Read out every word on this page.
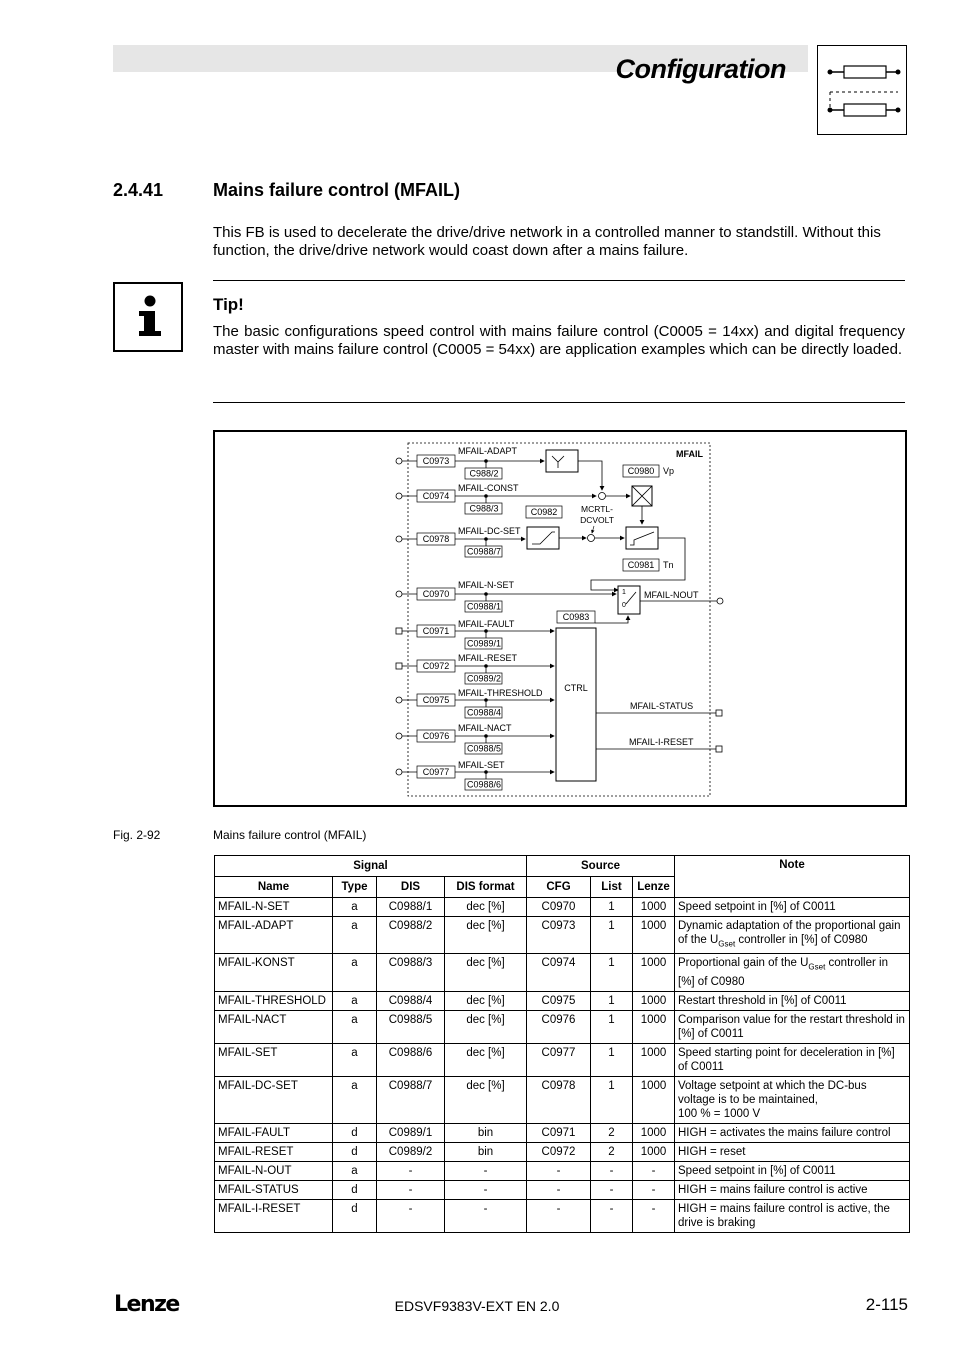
Configuration
2.4.41	Mains failure control (MFAIL)
This FB is used to decelerate the drive/drive network in a controlled manner to standstill. Without this function, the drive/drive network would coast down after a mains failure.
Tip!
The basic configurations speed control with mains failure control (C0005 = 14xx) and digital frequency master with mains failure control (C0005 = 54xx) are application examples which can be directly loaded.
MFAIL
C0973
MFAIL-ADAPT
C988/2
C0974
MFAIL-CONST
C988/3
C0978
MFAIL-DC-SET
C0988/7
C0970
MFAIL-N-SET
C0988/1
C0971
MFAIL-FAULT
C0989/1
C0972
MFAIL-RESET
C0989/2
C0975
MFAIL-THRESHOLD
C0988/4
C0976
MFAIL-NACT
C0988/5
C0977
MFAIL-SET
C0988/6
C0980 Vp
C0982	MCRTL-
DCVOLT
C0981 Tn
1
0
MFAIL-NOUT
C0983
CTRL
MFAIL-STATUS
MFAIL-I-RESET
Fig. 2-92	Mains failure control (MFAIL)
Signal				Source			Note
Name	Type	DIS	DIS format	CFG	List	Lenze	
MFAIL-N-SET	a	C0988/1	dec [%]	C0970	1	1000	Speed setpoint in [%] of C0011
MFAIL-ADAPT	a	C0988/2	dec [%]	C0973	1	1000	Dynamic adaptation of the proportional gain of the $U_{Gset}$ controller in [%] of C0980
MFAIL-KONST	a	C0988/3	dec [%]	C0974	1	1000	Proportional gain of the $U_{Gset}$ controller in [%] of C0980
MFAIL-THRESHOLD	a	C0988/4	dec [%]	C0975	1	1000	Restart threshold in [%] of C0011
MFAIL-NACT	a	C0988/5	dec [%]	C0976	1	1000	Comparison value for the restart threshold in [%] of C0011
MFAIL-SET	a	C0988/6	dec [%]	C0977	1	1000	Speed starting point for deceleration in [%] of C0011
MFAIL-DC-SET	a	C0988/7	dec [%]	C0978	1	1000	Voltage setpoint at which the DC-bus voltage is to be maintained,
100 % = 1000 V
MFAIL-FAULT	d	C0989/1	bin	C0971	2	1000	HIGH = activates the mains failure control
MFAIL-RESET	d	C0989/2	bin	C0972	2	1000	HIGH = reset
MFAIL-N-OUT	a	-	-	-	-	-	Speed setpoint in [%] of C0011
MFAIL-STATUS	d	-	-	-	-	-	HIGH = mains failure control is active
MFAIL-I-RESET	d	-	-	-	-	-	HIGH = mains failure control is active, the drive is braking
Lenze	EDSVF9383V-EXT EN 2.0	2-115
